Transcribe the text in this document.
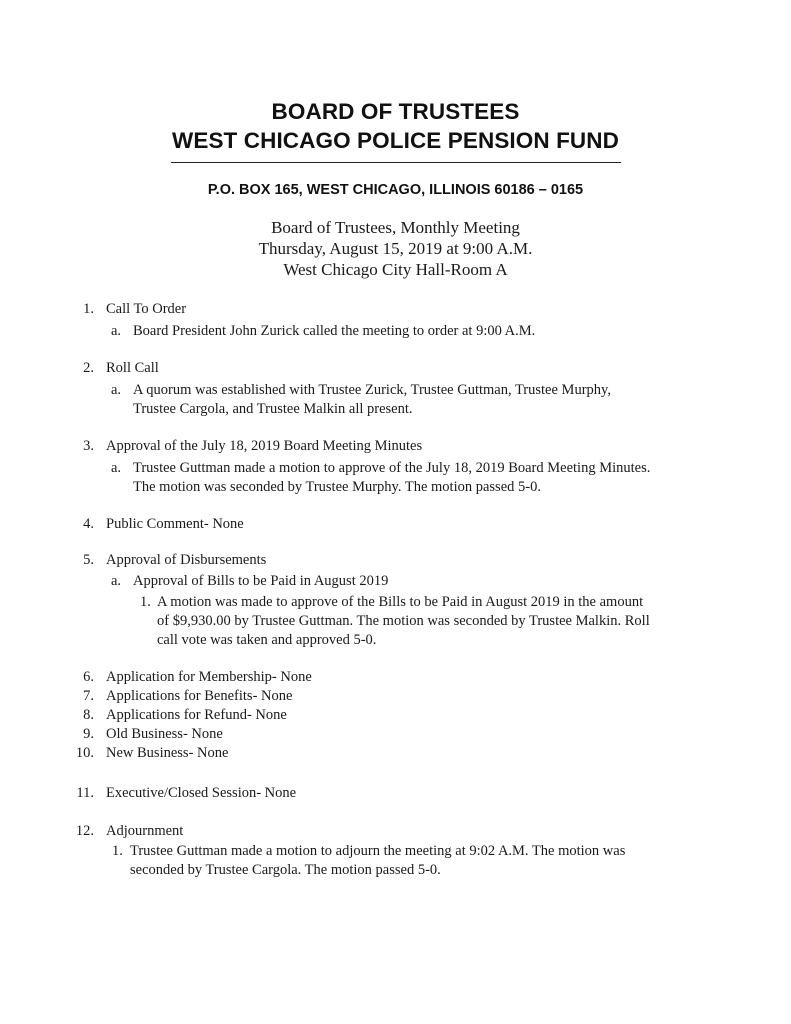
BOARD OF TRUSTEES
WEST CHICAGO POLICE PENSION FUND
P.O. BOX 165, WEST CHICAGO, ILLINOIS 60186 – 0165
Board of Trustees, Monthly Meeting
Thursday, August 15, 2019 at 9:00 A.M.
West Chicago City Hall-Room A
1. Call To Order
a. Board President John Zurick called the meeting to order at 9:00 A.M.
2. Roll Call
a. A quorum was established with Trustee Zurick, Trustee Guttman, Trustee Murphy,
Trustee Cargola, and Trustee Malkin all present.
3. Approval of the July 18, 2019 Board Meeting Minutes
a. Trustee Guttman made a motion to approve of the July 18, 2019 Board Meeting Minutes.
The motion was seconded by Trustee Murphy. The motion passed 5-0.
4. Public Comment- None
5. Approval of Disbursements
a. Approval of Bills to be Paid in August 2019
1. A motion was made to approve of the Bills to be Paid in August 2019 in the amount
of $9,930.00 by Trustee Guttman. The motion was seconded by Trustee Malkin. Roll
call vote was taken and approved 5-0.
6. Application for Membership- None
7. Applications for Benefits- None
8. Applications for Refund- None
9. Old Business- None
10. New Business- None
11. Executive/Closed Session- None
12. Adjournment
1. Trustee Guttman made a motion to adjourn the meeting at 9:02 A.M. The motion was
seconded by Trustee Cargola. The motion passed 5-0.
